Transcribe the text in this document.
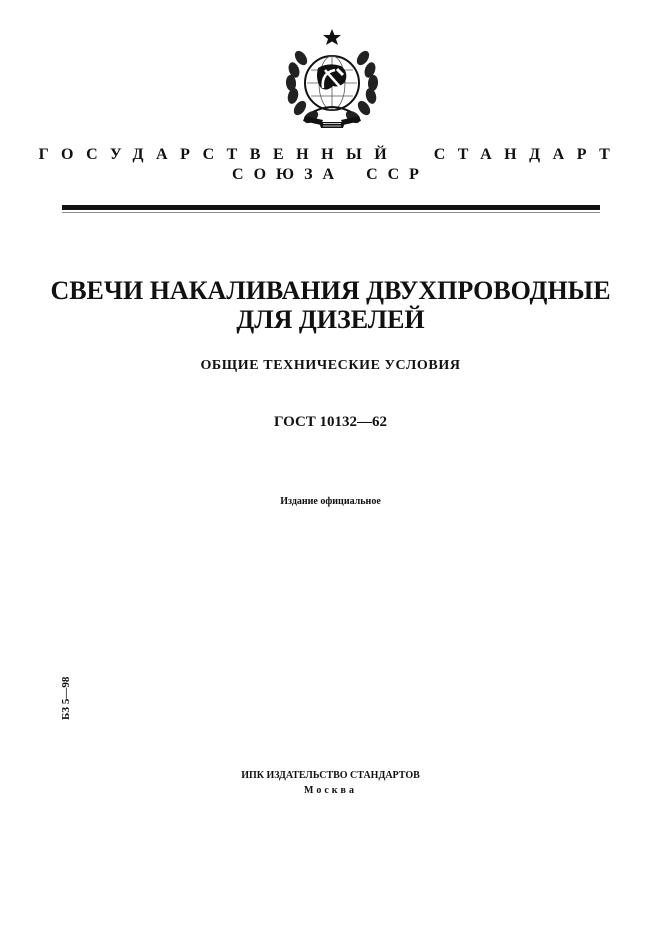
ГОСУДАРСТВЕННЫЙ СТАНДАРТ
СОЮЗА ССР
СВЕЧИ НАКАЛИВАНИЯ ДВУХПРОВОДНЫЕ
ДЛЯ ДИЗЕЛЕЙ
ОБЩИЕ ТЕХНИЧЕСКИЕ УСЛОВИЯ
ГОСТ 10132—62
Издание официальное
БЗ 5—98
ИПК ИЗДАТЕЛЬСТВО СТАНДАРТОВ
Москва
